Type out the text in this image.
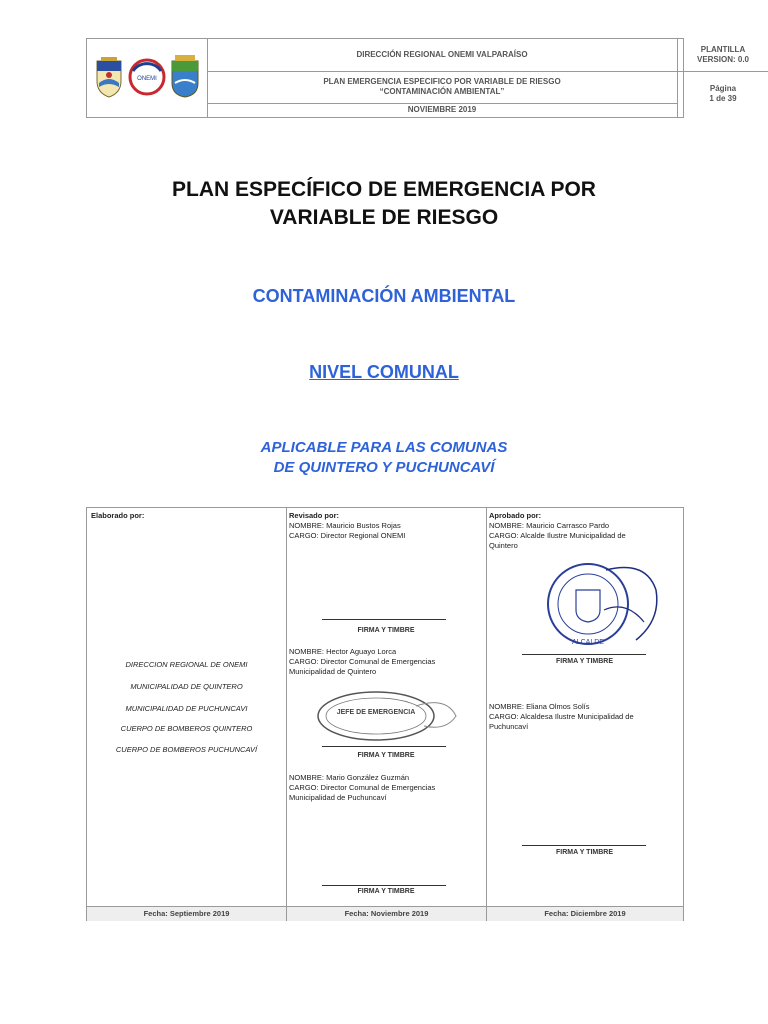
ONEMI
DIRECCIÓN REGIONAL ONEMI VALPARAÍSO
PLAN EMERGENCIA ESPECIFICO POR VARIABLE DE RIESGO
“CONTAMINACIÓN AMBIENTAL”
NOVIEMBRE 2019
PLANTILLA
VERSION: 0.0
Página
1 de 39
PLAN ESPECÍFICO DE EMERGENCIA POR
VARIABLE DE RIESGO
CONTAMINACIÓN AMBIENTAL
NIVEL COMUNAL
APLICABLE PARA LAS COMUNAS
DE QUINTERO Y PUCHUNCAVÍ
Elaborado por:
DIRECCION REGIONAL DE ONEMI
MUNICIPALIDAD DE QUINTERO
MUNICIPALIDAD DE PUCHUNCAVI
CUERPO DE BOMBEROS QUINTERO
CUERPO DE BOMBEROS PUCHUNCAVÍ
Revisado por:
NOMBRE: Mauricio Bustos Rojas
CARGO: Director Regional ONEMI
FIRMA Y TIMBRE
NOMBRE: Hector Aguayo Lorca
CARGO: Director Comunal de Emergencias
Municipalidad de Quintero
JEFE DE EMERGENCIA
FIRMA Y TIMBRE
NOMBRE: Mario González Guzmán
CARGO: Director Comunal de Emergencias
Municipalidad de Puchuncaví
FIRMA Y TIMBRE
Aprobado por:
NOMBRE: Mauricio Carrasco Pardo
CARGO: Alcalde Ilustre Municipalidad de
Quintero
ALCALDE
FIRMA Y TIMBRE
NOMBRE: Eliana Olmos Solís
CARGO: Alcaldesa Ilustre Municipalidad de
Puchuncaví
FIRMA Y TIMBRE
Fecha: Septiembre 2019	Fecha: Noviembre 2019	Fecha: Diciembre 2019
